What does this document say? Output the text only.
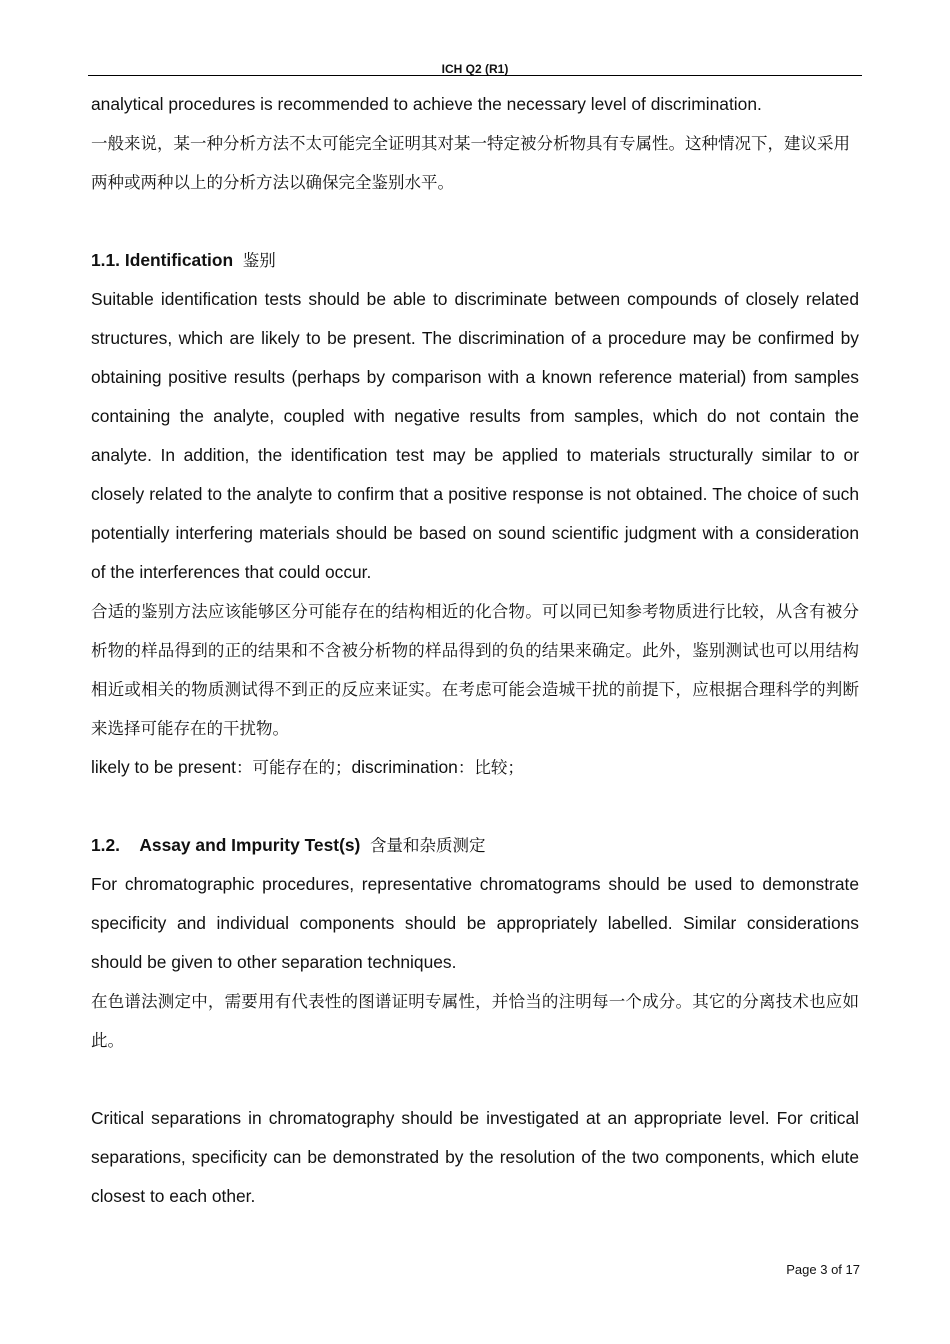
ICH Q2 (R1)

analytical procedures is recommended to achieve the necessary level of discrimination.

一般来说，某一种分析方法不太可能完全证明其对某一特定被分析物具有专属性。这种情况下，建议采用两种或两种以上的分析方法以确保完全鉴别水平。

1.1. Identification 鉴别

Suitable identification tests should be able to discriminate between compounds of closely related structures, which are likely to be present. The discrimination of a procedure may be confirmed by obtaining positive results (perhaps by comparison with a known reference material) from samples containing the analyte, coupled with negative results from samples, which do not contain the analyte. In addition, the identification test may be applied to materials structurally similar to or closely related to the analyte to confirm that a positive response is not obtained. The choice of such potentially interfering materials should be based on sound scientific judgment with a consideration of the interferences that could occur.

合适的鉴别方法应该能够区分可能存在的结构相近的化合物。可以同已知参考物质进行比较，从含有被分析物的样品得到的正的结果和不含被分析物的样品得到的负的结果来确定。此外，鉴别测试也可以用结构相近或相关的物质测试得不到正的反应来证实。在考虑可能会造城干扰的前提下，应根据合理科学的判断来选择可能存在的干扰物。

likely to be present：可能存在的；discrimination：比较；

1.2. Assay and Impurity Test(s) 含量和杂质测定

For chromatographic procedures, representative chromatograms should be used to demonstrate specificity and individual components should be appropriately labelled. Similar considerations should be given to other separation techniques.

在色谱法测定中，需要用有代表性的图谱证明专属性，并恰当的注明每一个成分。其它的分离技术也应如此。

Critical separations in chromatography should be investigated at an appropriate level. For critical separations, specificity can be demonstrated by the resolution of the two components, which elute closest to each other.

Page 3 of 17
